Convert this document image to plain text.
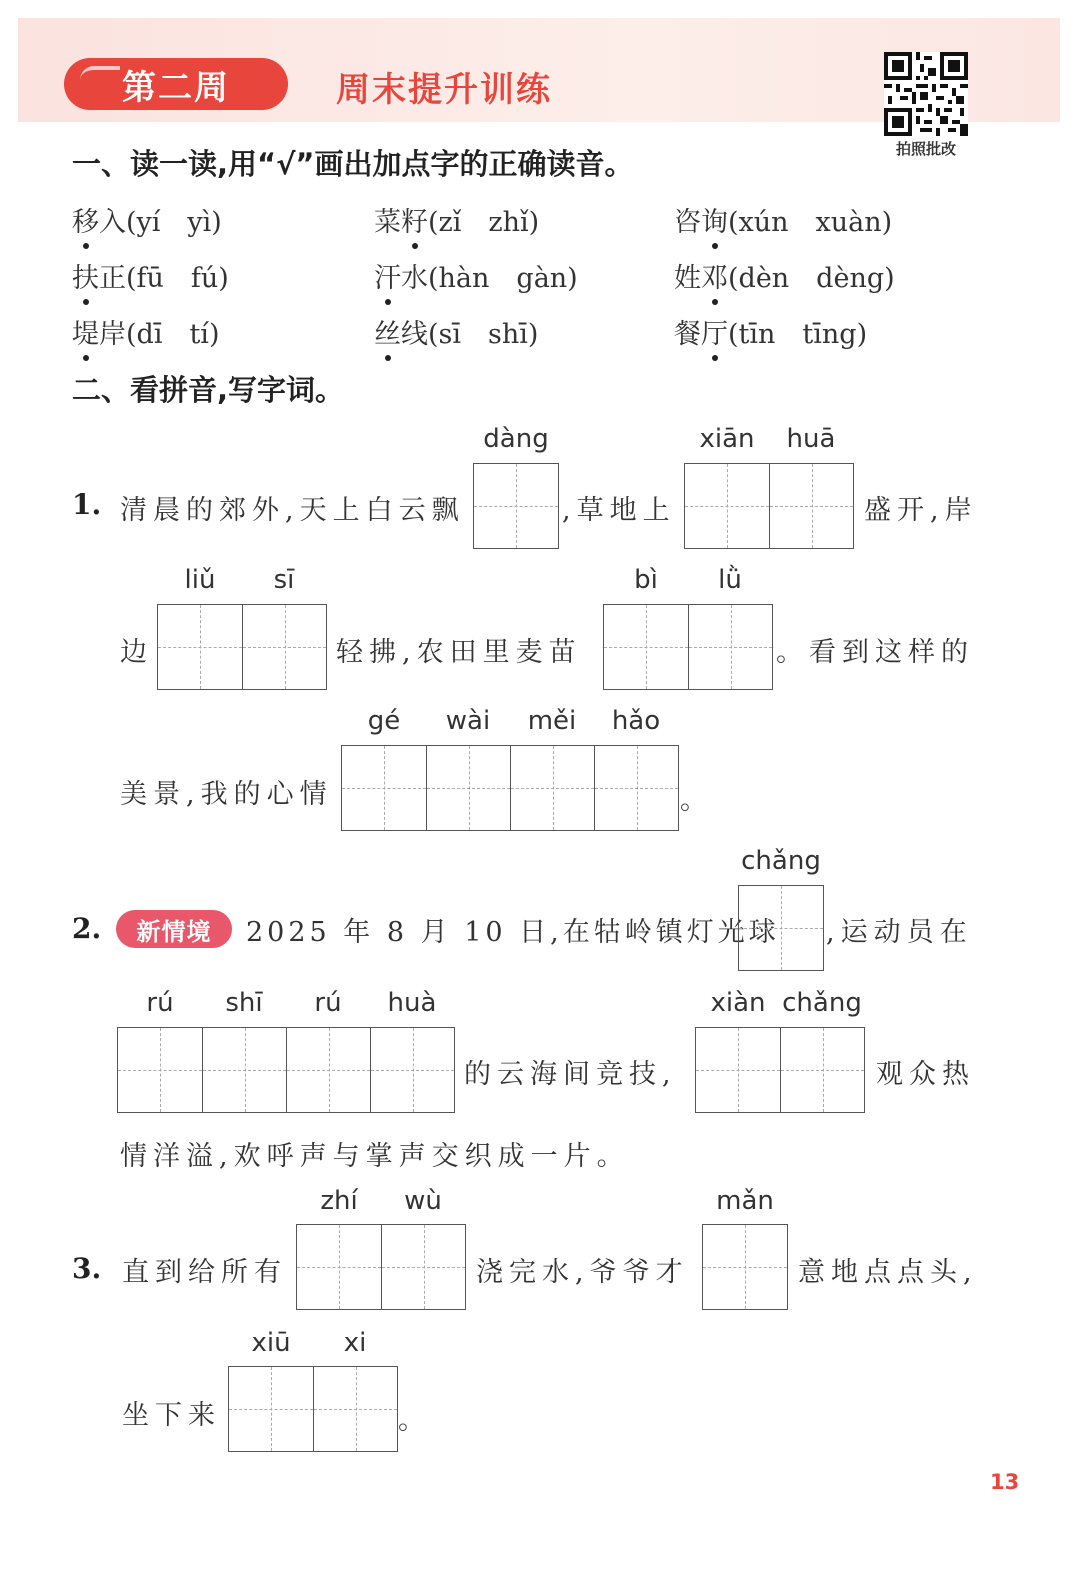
第二周	周末提升训练
拍照批改
一、读一读,用“√”画出加点字的正确读音。
移入(yí　yì)	菜籽(zǐ　zhǐ)	咨询(xún　xuàn)
扶正(fū　fú)	汗水(hàn　gàn)	姓邓(dèn　dèng)
堤岸(dī　tí)	丝线(sī　shī)	餐厅(tīn　tīng)
二、看拼音,写字词。
1. 清晨的郊外,天上白云飘
dàng
,草地上
xiān	huā
盛开,岸
边
liǔ	sī
轻拂,农田里麦苗
bì	lǜ
。看到这样的
美景,我的心情
gé	wài	měi	hǎo
。
2.	新情境	2025 年 8 月 10 日,在牯岭镇灯光球
chǎng
,运动员在
rú	shī	rú	huà
的云海间竞技,
xiàn chǎng
观众热
情洋溢,欢呼声与掌声交织成一片。
3. 直到给所有
zhí	wù
浇完水,爷爷才
mǎn
意地点点头,
坐下来
xiū	xi
。
13
